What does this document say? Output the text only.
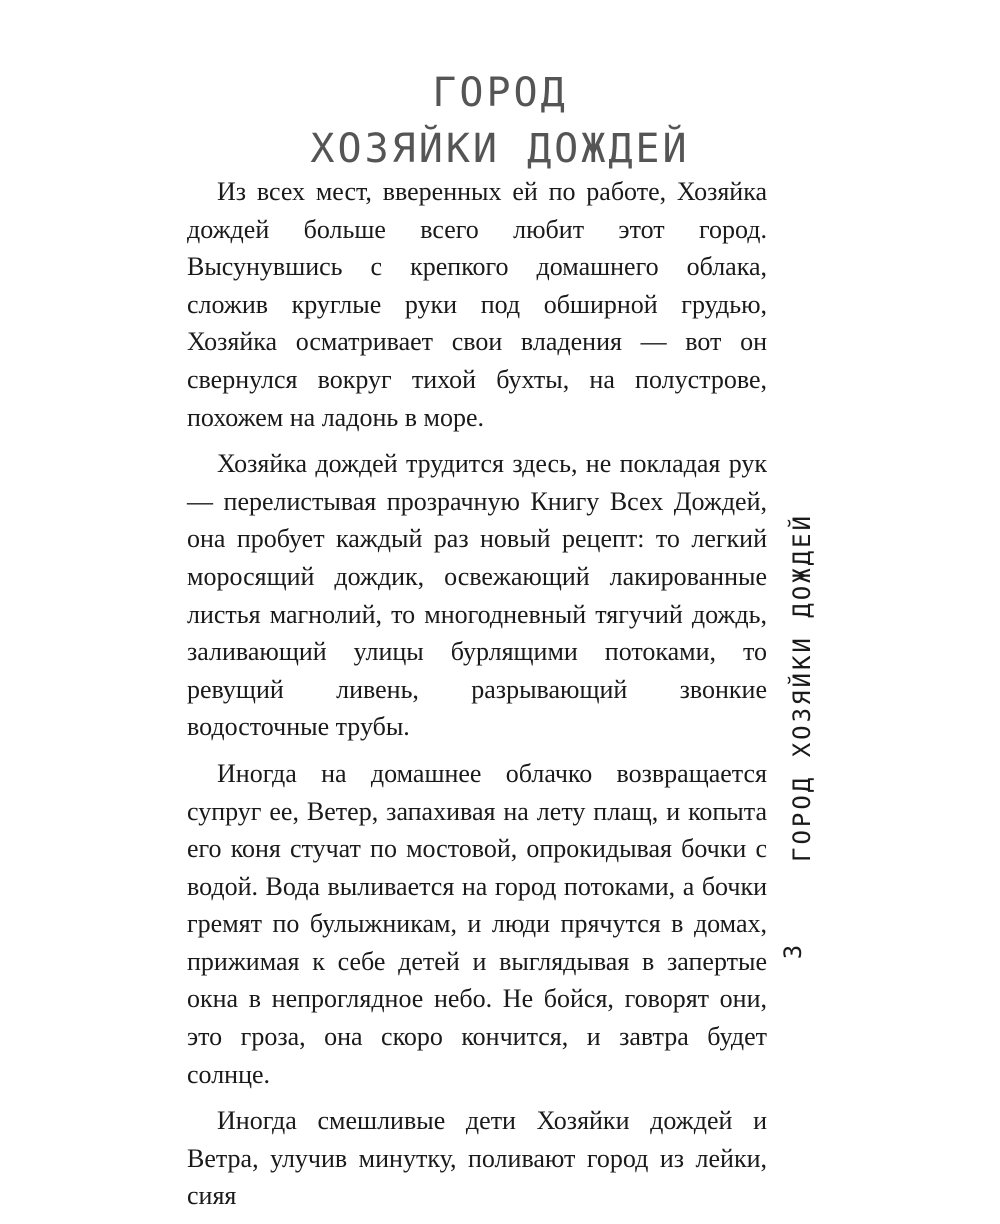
ГОРОД
ХОЗЯЙКИ ДОЖДЕЙ

Из всех мест, вверенных ей по работе, Хозяйка дождей больше всего любит этот город. Высунувшись с крепкого домашнего облака, сложив круглые руки под обширной грудью, Хозяйка осматривает свои владения — вот он свернулся вокруг тихой бухты, на полустрове, похожем на ладонь в море.

Хозяйка дождей трудится здесь, не покладая рук — перелистывая прозрачную Книгу Всех Дождей, она пробует каждый раз новый рецепт: то легкий моросящий дождик, освежающий лакированные листья магнолий, то многодневный тягучий дождь, заливающий улицы бурлящими потоками, то ревущий ливень, разрывающий звонкие водосточные трубы.

Иногда на домашнее облачко возвращается супруг ее, Ветер, запахивая на лету плащ, и копыта его коня стучат по мостовой, опрокидывая бочки с водой. Вода выливается на город потоками, а бочки гремят по булыжникам, и люди прячутся в домах, прижимая к себе детей и выглядывая в запертые окна в непроглядное небо. Не бойся, говорят они, это гроза, она скоро кончится, и завтра будет солнце.

Иногда смешливые дети Хозяйки дождей и Ветра, улучив минутку, поливают город из лейки, сияя

ГОРОД ХОЗЯЙКИ ДОЖДЕЙ
3
